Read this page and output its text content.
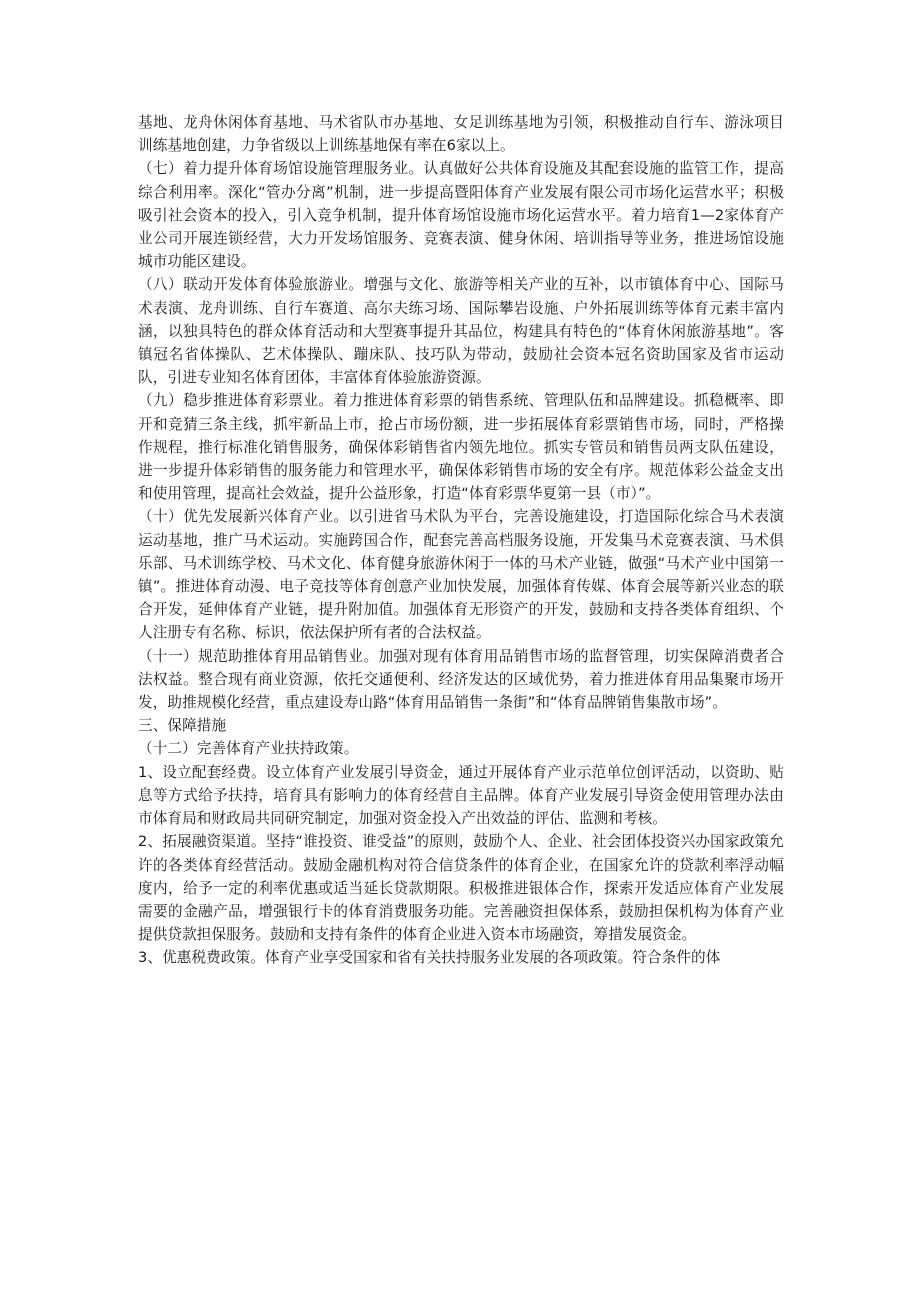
基地、龙舟休闲体育基地、马术省队市办基地、女足训练基地为引领，积极推动自行车、游泳项目训练基地创建，力争省级以上训练基地保有率在6家以上。

（七）着力提升体育场馆设施管理服务业。认真做好公共体育设施及其配套设施的监管工作，提高综合利用率。深化“管办分离”机制，进一步提高暨阳体育产业发展有限公司市场化运营水平；积极吸引社会资本的投入，引入竞争机制，提升体育场馆设施市场化运营水平。着力培育1—2家体育产业公司开展连锁经营，大力开发场馆服务、竞赛表演、健身休闲、培训指导等业务，推进场馆设施城市功能区建设。

（八）联动开发体育体验旅游业。增强与文化、旅游等相关产业的互补，以市镇体育中心、国际马术表演、龙舟训练、自行车赛道、高尔夫练习场、国际攀岩设施、户外拓展训练等体育元素丰富内涵，以独具特色的群众体育活动和大型赛事提升其品位，构建具有特色的“体育休闲旅游基地”。客镇冠名省体操队、艺术体操队、蹦床队、技巧队为带动，鼓励社会资本冠名资助国家及省市运动队，引进专业知名体育团体，丰富体育体验旅游资源。

（九）稳步推进体育彩票业。着力推进体育彩票的销售系统、管理队伍和品牌建设。抓稳概率、即开和竞猜三条主线，抓牢新品上市，抢占市场份额，进一步拓展体育彩票销售市场，同时，严格操作规程，推行标准化销售服务，确保体彩销售省内领先地位。抓实专管员和销售员两支队伍建设，进一步提升体彩销售的服务能力和管理水平，确保体彩销售市场的安全有序。规范体彩公益金支出和使用管理，提高社会效益，提升公益形象，打造“体育彩票华夏第一县（市）”。

（十）优先发展新兴体育产业。以引进省马术队为平台，完善设施建设，打造国际化综合马术表演运动基地，推广马术运动。实施跨国合作，配套完善高档服务设施，开发集马术竞赛表演、马术俱乐部、马术训练学校、马术文化、体育健身旅游休闲于一体的马术产业链，做强“马术产业中国第一镇”。推进体育动漫、电子竞技等体育创意产业加快发展，加强体育传媒、体育会展等新兴业态的联合开发，延伸体育产业链，提升附加值。加强体育无形资产的开发，鼓励和支持各类体育组织、个人注册专有名称、标识，依法保护所有者的合法权益。

（十一）规范助推体育用品销售业。加强对现有体育用品销售市场的监督管理，切实保障消费者合法权益。整合现有商业资源，依托交通便利、经济发达的区域优势，着力推进体育用品集聚市场开发，助推规模化经营，重点建设寿山路“体育用品销售一条街”和“体育品牌销售集散市场”。

三、保障措施

（十二）完善体育产业扶持政策。

1、设立配套经费。设立体育产业发展引导资金，通过开展体育产业示范单位创评活动，以资助、贴息等方式给予扶持，培育具有影响力的体育经营自主品牌。体育产业发展引导资金使用管理办法由市体育局和财政局共同研究制定，加强对资金投入产出效益的评估、监测和考核。

2、拓展融资渠道。坚持“谁投资、谁受益”的原则，鼓励个人、企业、社会团体投资兴办国家政策允许的各类体育经营活动。鼓励金融机构对符合信贷条件的体育企业，在国家允许的贷款利率浮动幅度内，给予一定的利率优惠或适当延长贷款期限。积极推进银体合作，探索开发适应体育产业发展需要的金融产品，增强银行卡的体育消费服务功能。完善融资担保体系，鼓励担保机构为体育产业提供贷款担保服务。鼓励和支持有条件的体育企业进入资本市场融资，筹措发展资金。

3、优惠税费政策。体育产业享受国家和省有关扶持服务业发展的各项政策。符合条件的体
